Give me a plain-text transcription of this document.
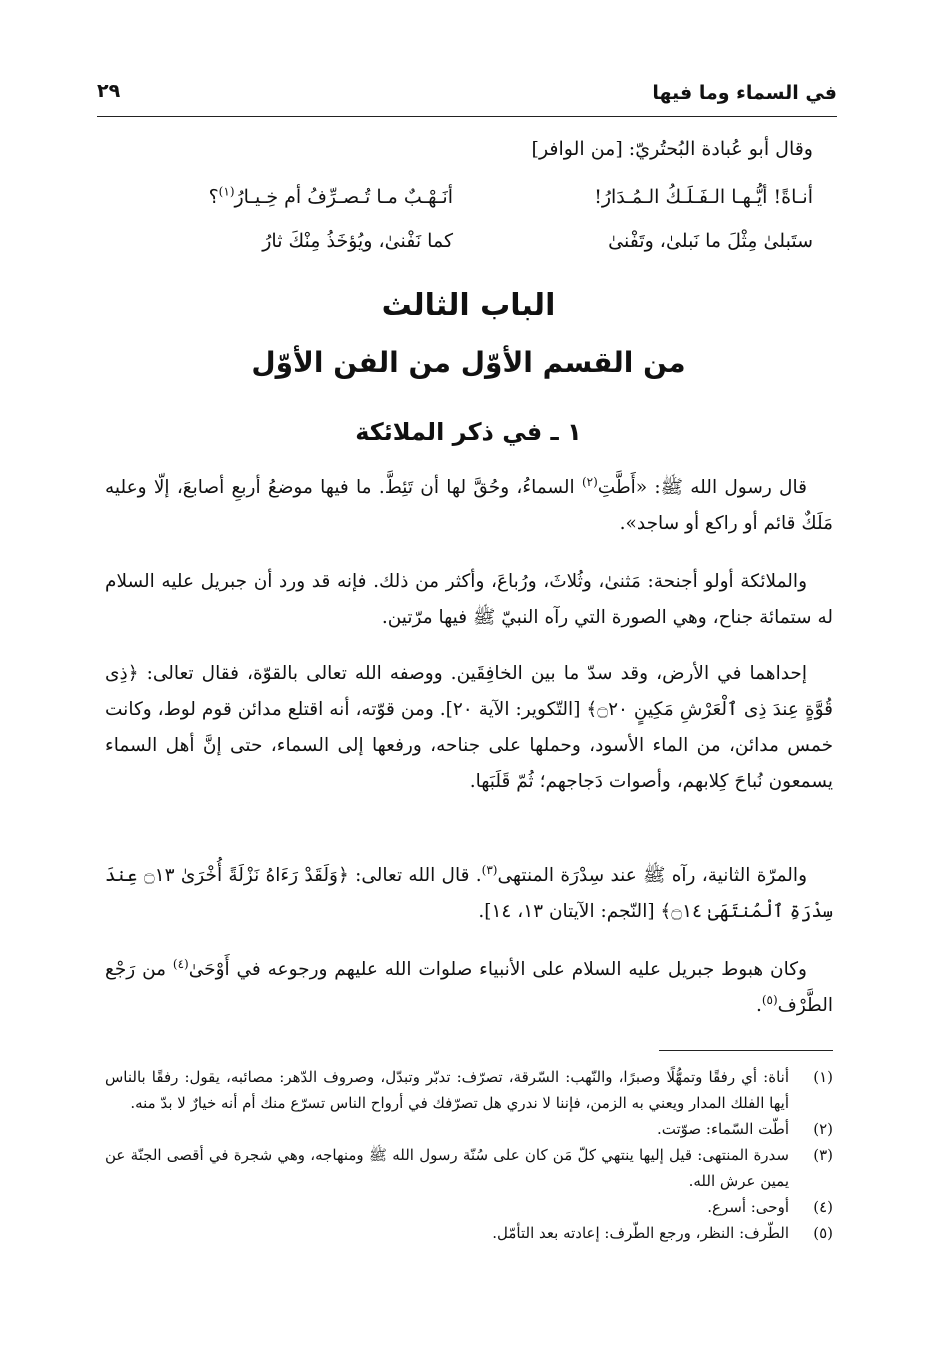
في السماء وما فيها
٢٩
وقال أبو عُبادة البُحتُريّ: [من الوافر]
أنـاةً! أيُّـهـا الـفَـلَـكُ الـمُـدَارُ!
أنَـهْـبٌ مـا تُـصـرِّفُ أم خِـيـارُ$^{(١)}$؟
ستَبلىٰ مِثْلَ ما نَبلىٰ، وتَفْنىٰ
كما نَفْنىٰ، ويُؤخَذُ مِنْكَ ثارُ
الباب الثالث
من القسم الأوّل من الفن الأوّل
١ ـ في ذكر الملائكة
قال رسول الله ﷺ: «أَطَّتِ$^{(٢)}$ السماءُ، وحُقَّ لها أن تَئِطَّ. ما فيها موضعُ أربعِ أصابعَ، إلّا وعليه مَلَكٌ قائم أو راكع أو ساجد».
والملائكة أولو أجنحة: مَثنىٰ، وثُلاثَ، ورُباعَ، وأكثر من ذلك. فإنه قد ورد أن جبريل عليه السلام له ستمائة جناح، وهي الصورة التي رآه النبيّ ﷺ فيها مرّتين.
إحداهما في الأرض، وقد سدّ ما بين الخافِقَين. ووصفه الله تعالى بالقوّة، فقال تعالى: ﴿ذِى قُوَّةٍ عِندَ ذِى ٱلْعَرْشِ مَكِينٍ ۝٢٠﴾ [التّكوير: الآية ٢٠]. ومن قوّته، أنه اقتلع مدائن قوم لوط، وكانت خمس مدائن، من الماء الأسود، وحملها على جناحه، ورفعها إلى السماء، حتى إنَّ أهل السماء يسمعون نُباحَ كِلابهم، وأصوات دَجاجهم؛ ثُمّ قَلَبَها.
والمرّة الثانية، رآه ﷺ عند سِدْرَة المنتهى$^{(٣)}$. قال الله تعالى: ﴿وَلَقَدْ رَءَاهُ نَزْلَةً أُخْرَىٰ ۝١٣ عِندَ سِدْرَةِ ٱلْمُنتَهَىٰ ۝١٤﴾ [النّجم: الآيتان ١٣، ١٤].
وكان هبوط جبريل عليه السلام على الأنبياء صلوات الله عليهم ورجوعه في أَوْحَىٰ$^{(٤)}$ من رَجْع الطَّرْف$^{(٥)}$.
(١)
أناة: أي رفقًا وتمهُّلًا وصبرًا، والنّهب: السّرقة، تصرّف: تدبّر وتبدّل، وصروف الدّهر: مصائبه، يقول: رفقًا بالناس أيها الفلك المدار ويعني به الزمن، فإننا لا ندري هل تصرّفك في أرواح الناس تسرّع منك أم أنه خيارٌ لا بدّ منه.
(٢)
أطّت السّماء: صوّتت.
(٣)
سدرة المنتهى: قيل إليها ينتهي كلّ مَن كان على سُنّة رسول الله ﷺ ومنهاجه، وهي شجرة في أقصى الجنّة عن يمين عرش الله.
(٤)
أوحى: أسرع.
(٥)
الطّرف: النظر، ورجع الطّرف: إعادته بعد التأمّل.
